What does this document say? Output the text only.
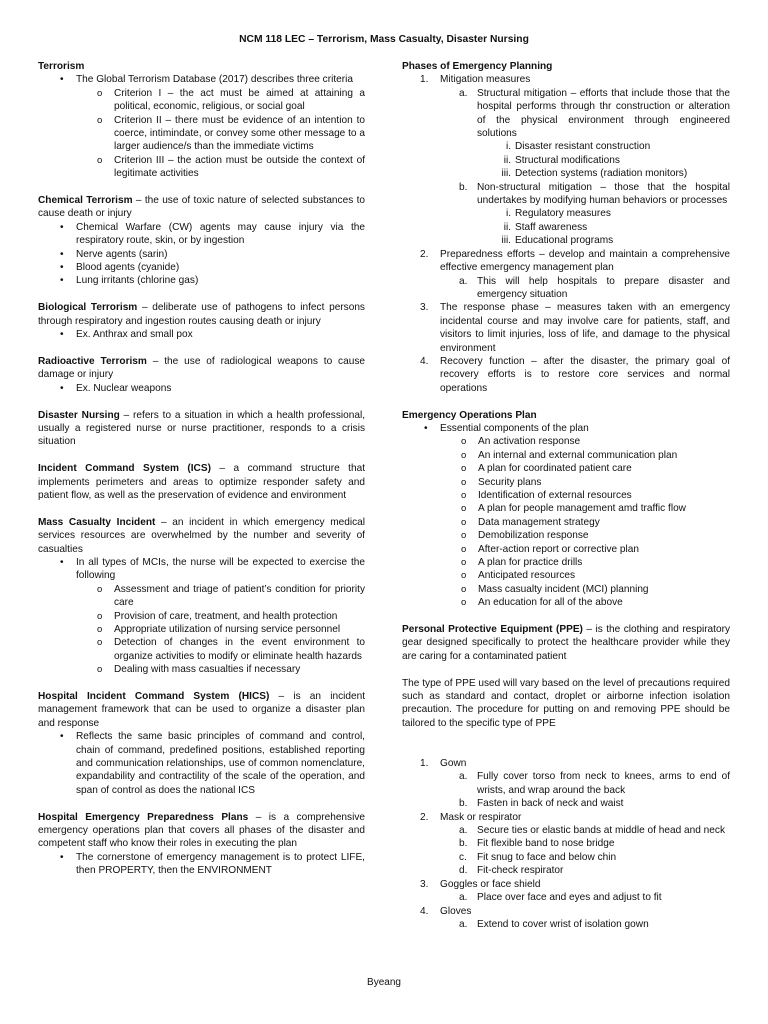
NCM 118 LEC – Terrorism, Mass Casualty, Disaster Nursing

Terrorism

• The Global Terrorism Database (2017) describes three criteria
o Criterion I – the act must be aimed at attaining a political, economic, religious, or social goal
o Criterion II – there must be evidence of an intention to coerce, intimindate, or convey some other message to a larger audience/s than the immediate victims
o Criterion III – the action must be outside the context of legitimate activities

Chemical Terrorism – the use of toxic nature of selected substances to cause death or injury

• Chemical Warfare (CW) agents may cause injury via the respiratory route, skin, or by ingestion
• Nerve agents (sarin)
• Blood agents (cyanide)
• Lung irritants (chlorine gas)

Biological Terrorism – deliberate use of pathogens to infect persons through respiratory and ingestion routes causing death or injury

• Ex. Anthrax and small pox

Radioactive Terrorism – the use of radiological weapons to cause damage or injury

• Ex. Nuclear weapons

Disaster Nursing – refers to a situation in which a health professional, usually a registered nurse or nurse practitioner, responds to a crisis situation

Incident Command System (ICS) – a command structure that implements perimeters and areas to optimize responder safety and patient flow, as well as the preservation of evidence and environment

Mass Casualty Incident – an incident in which emergency medical services resources are overwhelmed by the number and severity of casualties

• In all types of MCIs, the nurse will be expected to exercise the following
o Assessment and triage of patient’s condition for priority care
o Provision of care, treatment, and health protection
o Appropriate utilization of nursing service personnel
o Detection of changes in the event environment to organize activities to modify or eliminate health hazards
o Dealing with mass casualties if necessary

Hospital Incident Command System (HICS) – is an incident management framework that can be used to organize a disaster plan and response

• Reflects the same basic principles of command and control, chain of command, predefined positions, established reporting and communication relationships, use of common nomenclature, expandability and contractility of the scale of the operation, and span of control as does the national ICS

Hospital Emergency Preparedness Plans – is a comprehensive emergency operations plan that covers all phases of the disaster and competent staff who know their roles in executing the plan

• The cornerstone of emergency management is to protect LIFE, then PROPERTY, then the ENVIRONMENT

Phases of Emergency Planning

1. Mitigation measures
a. Structural mitigation – efforts that include those that the hospital performs through thr construction or alteration of the physical environment through engineered solutions
i. Disaster resistant construction
ii. Structural modifications
iii. Detection systems (radiation monitors)
b. Non-structural mitigation – those that the hospital undertakes by modifying human behaviors or processes
i. Regulatory measures
ii. Staff awareness
iii. Educational programs
2. Preparedness efforts – develop and maintain a comprehensive effective emergency management plan
a. This will help hospitals to prepare disaster and emergency situation
3. The response phase – measures taken with an emergency incidental course and may involve care for patients, staff, and visitors to limit injuries, loss of life, and damage to the physical environment
4. Recovery function – after the disaster, the primary goal of recovery efforts is to restore core services and normal operations

Emergency Operations Plan

• Essential components of the plan
o An activation response
o An internal and external communication plan
o A plan for coordinated patient care
o Security plans
o Identification of external resources
o A plan for people management amd traffic flow
o Data management strategy
o Demobilization response
o After-action report or corrective plan
o A plan for practice drills
o Anticipated resources
o Mass casualty incident (MCI) planning
o An education for all of the above

Personal Protective Equipment (PPE) – is the clothing and respiratory gear designed specifically to protect the healthcare provider while they are caring for a contaminated patient

The type of PPE used will vary based on the level of precautions required such as standard and contact, droplet or airborne infection isolation precaution. The procedure for putting on and removing PPE should be tailored to the specific type of PPE

1. Gown
a. Fully cover torso from neck to knees, arms to end of wrists, and wrap around the back
b. Fasten in back of neck and waist
2. Mask or respirator
a. Secure ties or elastic bands at middle of head and neck
b. Fit flexible band to nose bridge
c. Fit snug to face and below chin
d. Fit-check respirator
3. Goggles or face shield
a. Place over face and eyes and adjust to fit
4. Gloves
a. Extend to cover wrist of isolation gown
Byeang
